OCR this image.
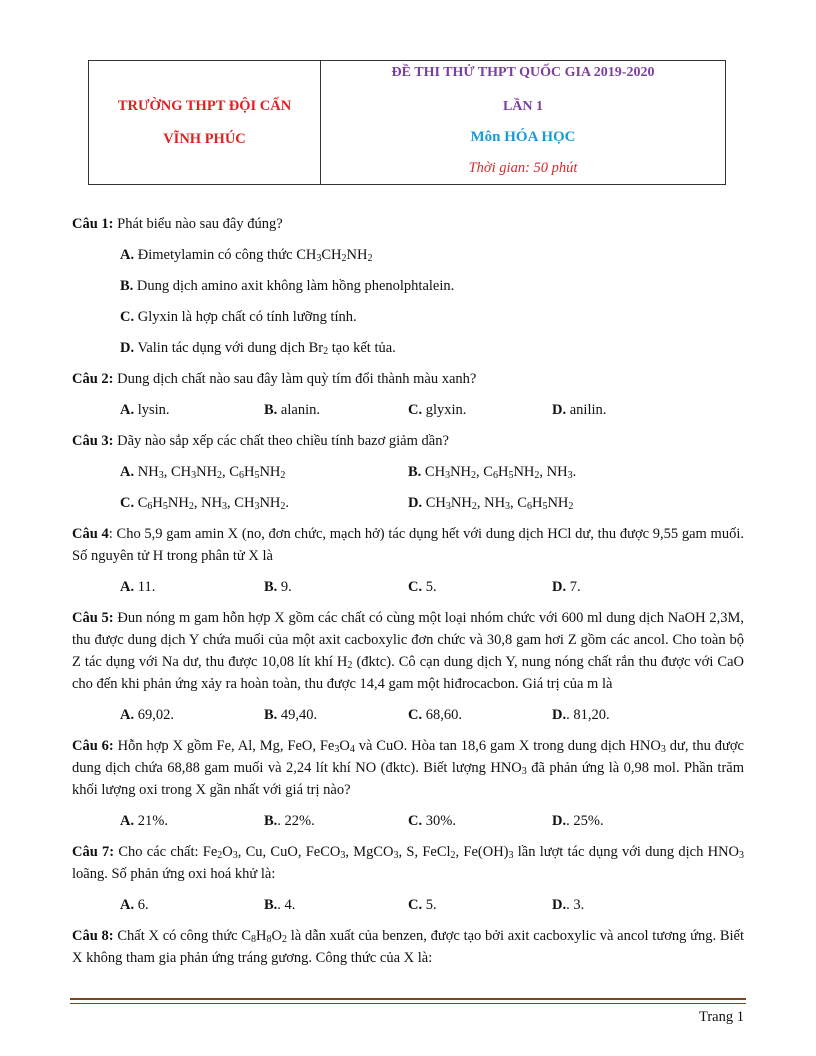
TRƯỜNG THPT ĐỘI CẤN
VĨNH PHÚC
ĐỀ THI THỬ THPT QUỐC GIA 2019-2020
LẦN 1
Môn HÓA HỌC
Thời gian: 50 phút
Câu 1: Phát biểu nào sau đây đúng?
A. Đimetylamin có công thức $CH_3CH_2NH_2$
B. Dung dịch amino axit không làm hồng phenolphtalein.
C. Glyxin là hợp chất có tính lưỡng tính.
D. Valin tác dụng với dung dịch $Br_2$ tạo kết tủa.
Câu 2: Dung dịch chất nào sau đây làm quỳ tím đổi thành màu xanh?
A. lysin.	B. alanin.	C. glyxin.	D. anilin.
Câu 3: Dãy nào sắp xếp các chất theo chiều tính bazơ giảm dần?
A. $NH_3$, $CH_3NH_2$, $C_6H_5NH_2$	B. $CH_3NH_2$, $C_6H_5NH_2$, $NH_3$.
C. $C_6H_5NH_2$, $NH_3$, $CH_3NH_2$.	D. $CH_3NH_2$, $NH_3$, $C_6H_5NH_2$
Câu 4: Cho 5,9 gam amin X (no, đơn chức, mạch hở) tác dụng hết với dung dịch HCl dư, thu được 9,55 gam muối. Số nguyên tử H trong phân tử X là
A. 11.	B. 9.	C. 5.	D. 7.
Câu 5: Đun nóng m gam hỗn hợp X gồm các chất có cùng một loại nhóm chức với 600 ml dung dịch NaOH 2,3M, thu được dung dịch Y chứa muối của một axit cacboxylic đơn chức và 30,8 gam hơi Z gồm các ancol. Cho toàn bộ Z tác dụng với Na dư, thu được 10,08 lít khí $H_2$ (đktc). Cô cạn dung dịch Y, nung nóng chất rắn thu được với CaO cho đến khi phản ứng xảy ra hoàn toàn, thu được 14,4 gam một hiđrocacbon. Giá trị của m là
A. 69,02.	B. 49,40.	C. 68,60.	D.. 81,20.
Câu 6: Hỗn hợp X gồm Fe, Al, Mg, FeO, $Fe_3O_4$ và CuO. Hòa tan 18,6 gam X trong dung dịch $HNO_3$ dư, thu được dung dịch chứa 68,88 gam muối và 2,24 lít khí NO (đktc). Biết lượng $HNO_3$ đã phản ứng là 0,98 mol. Phần trăm khối lượng oxi trong X gần nhất với giá trị nào?
A. 21%.	B.. 22%.	C. 30%.	D.. 25%.
Câu 7: Cho các chất: $Fe_2O_3$, Cu, CuO, FeCO$_3$, MgCO$_3$, S, FeCl$_2$, $Fe(OH)_3$ lần lượt tác dụng với dung dịch $HNO_3$ loãng. Số phản ứng oxi hoá khử là:
A. 6.	B.. 4.	C. 5.	D.. 3.
Câu 8: Chất X có công thức $C_8H_8O_2$ là dẫn xuất của benzen, được tạo bởi axit cacboxylic và ancol tương ứng. Biết X không tham gia phản ứng tráng gương. Công thức của X là:
Trang 1
